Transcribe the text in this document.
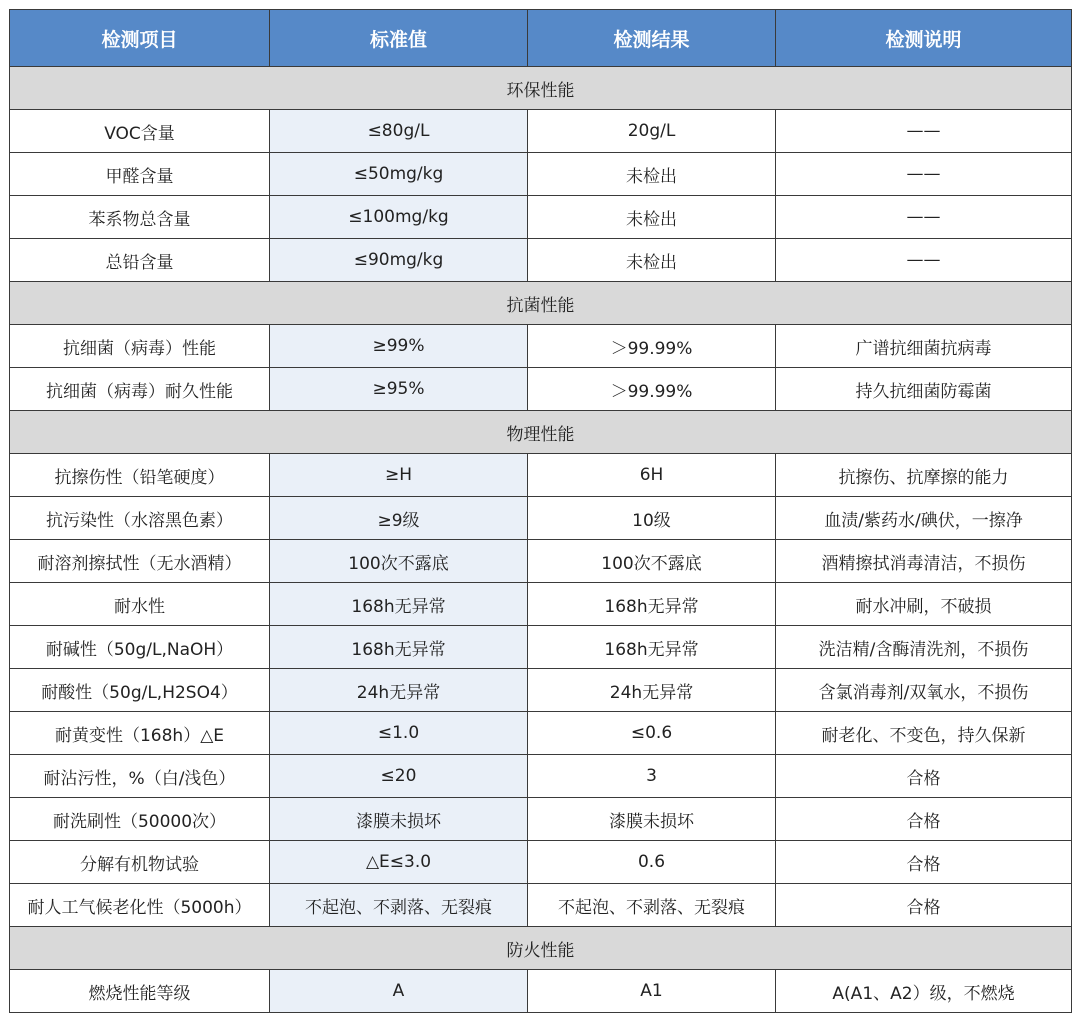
检测项目	标准值	检测结果	检测说明
环保性能			
VOC含量	≤80g/L	20g/L	——
甲醛含量	≤50mg/kg	未检出	——
苯系物总含量	≤100mg/kg	未检出	——
总铅含量	≤90mg/kg	未检出	——
抗菌性能			
抗细菌（病毒）性能	≥99%	＞99.99%	广谱抗细菌抗病毒
抗细菌（病毒）耐久性能	≥95%	＞99.99%	持久抗细菌防霉菌
物理性能			
抗擦伤性（铅笔硬度）	≥H	6H	抗擦伤、抗摩擦的能力
抗污染性（水溶黑色素）	≥9级	10级	血渍/紫药水/碘伏，一擦净
耐溶剂擦拭性（无水酒精）	100次不露底	100次不露底	酒精擦拭消毒清洁，不损伤
耐水性	168h无异常	168h无异常	耐水冲刷，不破损
耐碱性（50g/L,NaOH）	168h无异常	168h无异常	洗洁精/含酶清洗剂，不损伤
耐酸性（50g/L,H2SO4）	24h无异常	24h无异常	含氯消毒剂/双氧水，不损伤
耐黄变性（168h）△E	≤1.0	≤0.6	耐老化、不变色，持久保新
耐沾污性，%（白/浅色）	≤20	3	合格
耐洗刷性（50000次）	漆膜未损坏	漆膜未损坏	合格
分解有机物试验	△E≤3.0	0.6	合格
耐人工气候老化性（5000h）	不起泡、不剥落、无裂痕	不起泡、不剥落、无裂痕	合格
防火性能			
燃烧性能等级	A	A1	A(A1、A2）级，不燃烧
